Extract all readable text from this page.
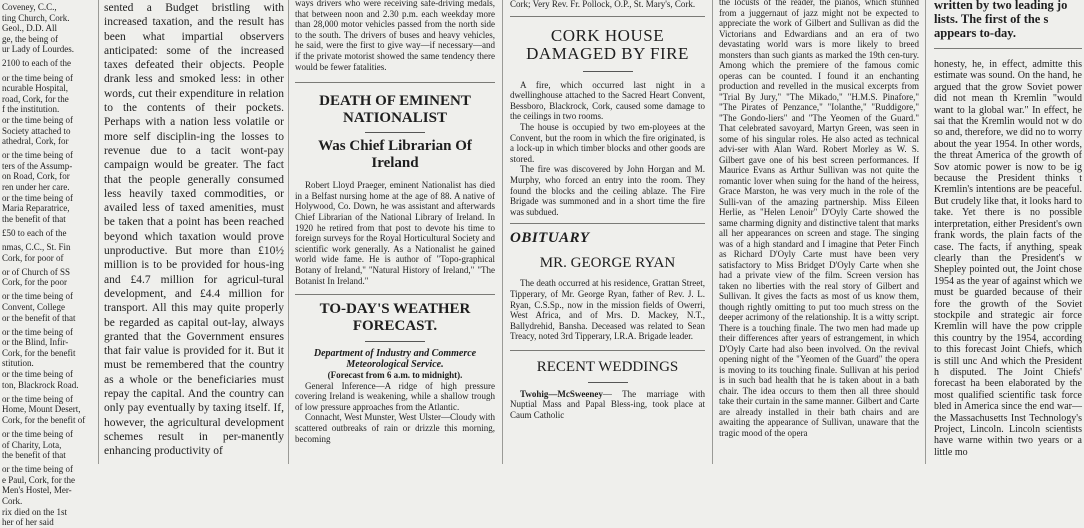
Coveney, C.C.,
ting Church, Cork.
Geol., D.D. All
ge, the being of
ur Lady of Lourdes.
2100 to each of the
or the time being of
ncurable Hospital,
road, Cork, for the
f the institution.
or the time being of
Society attached to
athedral, Cork, for
or the time being of
ters of the Assump-
on Road, Cork, for
ren under her care.
or the time being of
Maria Reparatrice,
the benefit of that
£50 to each of the
nmas, C.C., St. Fin
Cork, for poor of
or of Church of SS
Cork, for the poor
or the time being of
Convent, College
or the benefit of that
or the time being of
or the Blind, Infir-
Cork, for the benefit
stitution.
or the time being of
ton, Blackrock Road.
or the time being of
Home, Mount Desert,
Cork, for the benefit of
or the time being of
of Charity, Lota,
the benefit of that
or the time being of
e Paul, Cork, for the
Men's Hostel, Mer-
Cork.
rix died on the 1st
her of her said

sented a Budget bristling with increased taxation, and the result has been what impartial observers anticipated: some of the increased taxes defeated their objects. People drank less and smoked less: in other words, cut their expenditure in relation to the contents of their pockets. Perhaps with a nation less volatile or more self disciplin-ing the losses to revenue due to a tacit wont-pay campaign would be greater. The fact that the people generally consumed less heavily taxed commodities, or availed less of taxed amenities, must be taken that a point has been reached beyond which taxation would prove unproductive. But more than £10½ million is to be provided for hous-ing and £4.7 million for agricul-tural development, and £4.4 million for transport. All this may quite properly be regarded as capital out-lay, always granted that the Government ensures that fair value is provided for it. But it must be remembered that the country as a whole or the beneficiaries must repay the capital. And the country can only pay eventually by taxing itself. If, however, the agricultural development schemes result in per-manently enhancing productivity of

ways drivers who were receiving safe-driving medals, that between noon and 2.30 p.m. each weekday more than 28,000 motor vehicles passed from the north side to the south. The drivers of buses and heavy vehicles, he said, were the first to give way—if necessary—and if the private motorist showed the same tendency there would be fewer fatalities.

DEATH OF EMINENT NATIONALIST
Was Chief Librarian Of Ireland

Robert Lloyd Praeger, eminent Nationalist has died in a Belfast nursing home at the age of 88. A native of Holywood, Co. Down, he was assistant and afterwards Chief Librarian of the National Library of Ireland. In 1920 he retired from that post to devote his time to foreign surveys for the Royal Horticultural Society and scientific work generally. As a Nationalist he gained world wide fame. He is author of "Topo-graphical Botany of Ireland," "Natural History of Ireland," "The Botanist In Ireland."

TO-DAY'S WEATHER FORECAST.

Department of Industry and Commerce Meteorological Service.

(Forecast from 6 a.m. to midnight).

General Inference—A ridge of high pressure covering Ireland is weakening, while a shallow trough of low pressure approaches from the Atlantic.

Connacht, West Munster, West Ulster—Cloudy with scattered outbreaks of rain or drizzle this morning, becoming

Cork; Very Rev. Fr. Pollock, O.P., St. Mary's, Cork.

CORK HOUSE DAMAGED BY FIRE

A fire, which occurred last night in a dwellinghouse attached to the Sacred Heart Convent, Bessboro, Blackrock, Cork, caused some damage to the ceilings in two rooms.

The house is occupied by two em-ployees at the Convent, but the room in which the fire originated, is a lock-up in which timber blocks and other goods are stored.

The fire was discovered by John Horgan and M. Murphy, who forced an entry into the room. They found the blocks and the ceiling ablaze. The Fire Brigade was summoned and in a short time the fire was subdued.

OBITUARY
MR. GEORGE RYAN

The death occurred at his residence, Grattan Street, Tipperary, of Mr. George Ryan, father of Rev. J. L. Ryan, C.S.Sp., now in the mission fields of Owerri, West Africa, and of Mrs. D. Mackey, N.T., Ballydrehid, Bansha. Deceased was related to Sean Treacy, noted 3rd Tipperary, I.R.A. Brigade leader.

RECENT WEDDINGS

Twohig—McSweeney— The marriage with Nuptial Mass and Papal Bless-ing, took place at Caum Catholic

the locusts of the reader, the pianos, which stunned from a juggernaut of jazz might not be expected to appreciate the work of Gilbert and Sullivan as did the Victorians and Edwardians and an era of two devastating world wars is more likely to breed monsters than such giants as marked the 19th cen-tury. Among which the premiere of the famous comic operas can be counted. I found it an enchanting production and revelled in the musical excerpts from "Trial By Jury," "The Mikado," "H.M.S. Pinafore," "The Pirates of Penzance," "Iolanthe," "Ruddigore," "The Gondo-liers" and "The Yeomen of the Guard." That celebrated savoyard, Martyn Green, was seen in some of his singular roles. He also acted as technical advi-ser with Alan Ward. Robert Morley as W. S. Gilbert gave one of his best screen performances. If Maurice Evans as Arthur Sullivan was not quite the romantic lover when suing for the hand of the heiress, Grace Marston, he was very much in the role of the Sulli-van of the amazing partnership. Miss Eileen Herlie, as "Helen Lenoir" D'Oyly Carte showed the same charming dignity and distinctive talent that marks all her appearances on screen and stage. The singing was of a high standard and I imagine that Peter Finch as Richard D'Oyly Carte must have been very satisfactory to Miss Bridget D'Oyly Carte when she had a private view of the film. Screen version has taken no liberties with the real story of Gilbert and Sullivan. It gives the facts as most of us know them, though rightly omitting to put too much stress on the deeper acrimony of the relationship. It is a witty script. There is a touching finale. The two men had made up their differences after years of estrangement, in which D'Oyly Carte had also been involved. On the revival opening night of the "Yeomen of the Guard" the opera is moving to its touching finale. Sullivan at his period is in such bad health that he is taken about in a bath chair. The idea occurs to them then all three should take their curtain in the same manner. Gilbert and Carte are already installed in their bath chairs and are awaiting the appearance of Sullivan, unaware that the tragic mood of the opera

written by two leading jo lists. The first of the s appears to-day.

honesty, he, in effect, admitte this estimate was sound. On the hand, he argued that the grow Soviet power did not mean th Kremlin "would want to la global war." In effect, he sai that the Kremlin would not w do so and, therefore, we did no to worry about the year 1954. In other words, the threat America of the growth of Sov atomic power is now to be ig because the President thinks t Kremlin's intentions are be peaceful. But crudely like that, it looks hard to take. Yet there is no possible interpretation, either President's own frank words, the plain facts of the case. The facts, if anything, speak clearly than the President's w Shepley pointed out, the Joint chose 1954 as the year of against which we must be guarded because of their fore the growth of the Soviet stockpile and strategic air force Kremlin will have the pow cripple this country by the 1954, according to this forecast Joint Chiefs, which is still unc And which the President h disputed. The Joint Chiefs' forecast ha been elaborated by the most qualified scientific task force bled in America since the end war—the Massachusetts Inst Technology's Project, Lincoln. Lincoln scientists have warne within two years or a little mo
